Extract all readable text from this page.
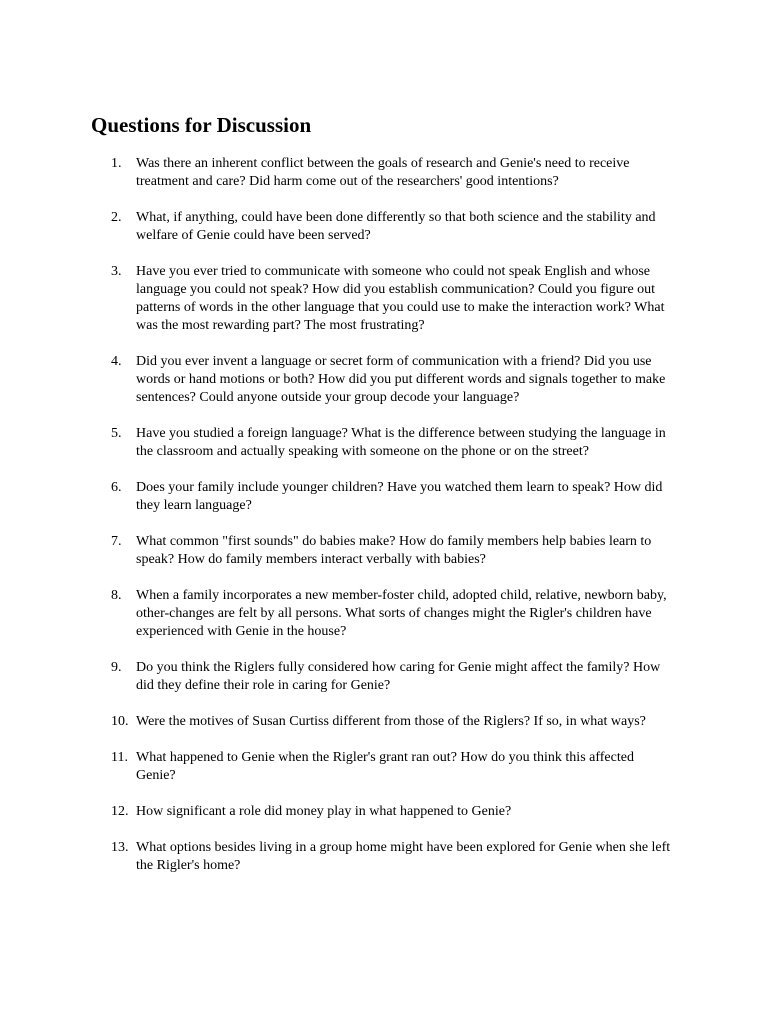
Questions for Discussion
1. Was there an inherent conflict between the goals of research and Genie's need to receive treatment and care? Did harm come out of the researchers' good intentions?
2. What, if anything, could have been done differently so that both science and the stability and welfare of Genie could have been served?
3. Have you ever tried to communicate with someone who could not speak English and whose language you could not speak? How did you establish communication? Could you figure out patterns of words in the other language that you could use to make the interaction work? What was the most rewarding part? The most frustrating?
4. Did you ever invent a language or secret form of communication with a friend? Did you use words or hand motions or both? How did you put different words and signals together to make sentences? Could anyone outside your group decode your language?
5. Have you studied a foreign language? What is the difference between studying the language in the classroom and actually speaking with someone on the phone or on the street?
6. Does your family include younger children? Have you watched them learn to speak? How did they learn language?
7. What common "first sounds" do babies make? How do family members help babies learn to speak? How do family members interact verbally with babies?
8. When a family incorporates a new member-foster child, adopted child, relative, newborn baby, other-changes are felt by all persons. What sorts of changes might the Rigler's children have experienced with Genie in the house?
9. Do you think the Riglers fully considered how caring for Genie might affect the family? How did they define their role in caring for Genie?
10. Were the motives of Susan Curtiss different from those of the Riglers? If so, in what ways?
11. What happened to Genie when the Rigler's grant ran out? How do you think this affected Genie?
12. How significant a role did money play in what happened to Genie?
13. What options besides living in a group home might have been explored for Genie when she left the Rigler's home?
